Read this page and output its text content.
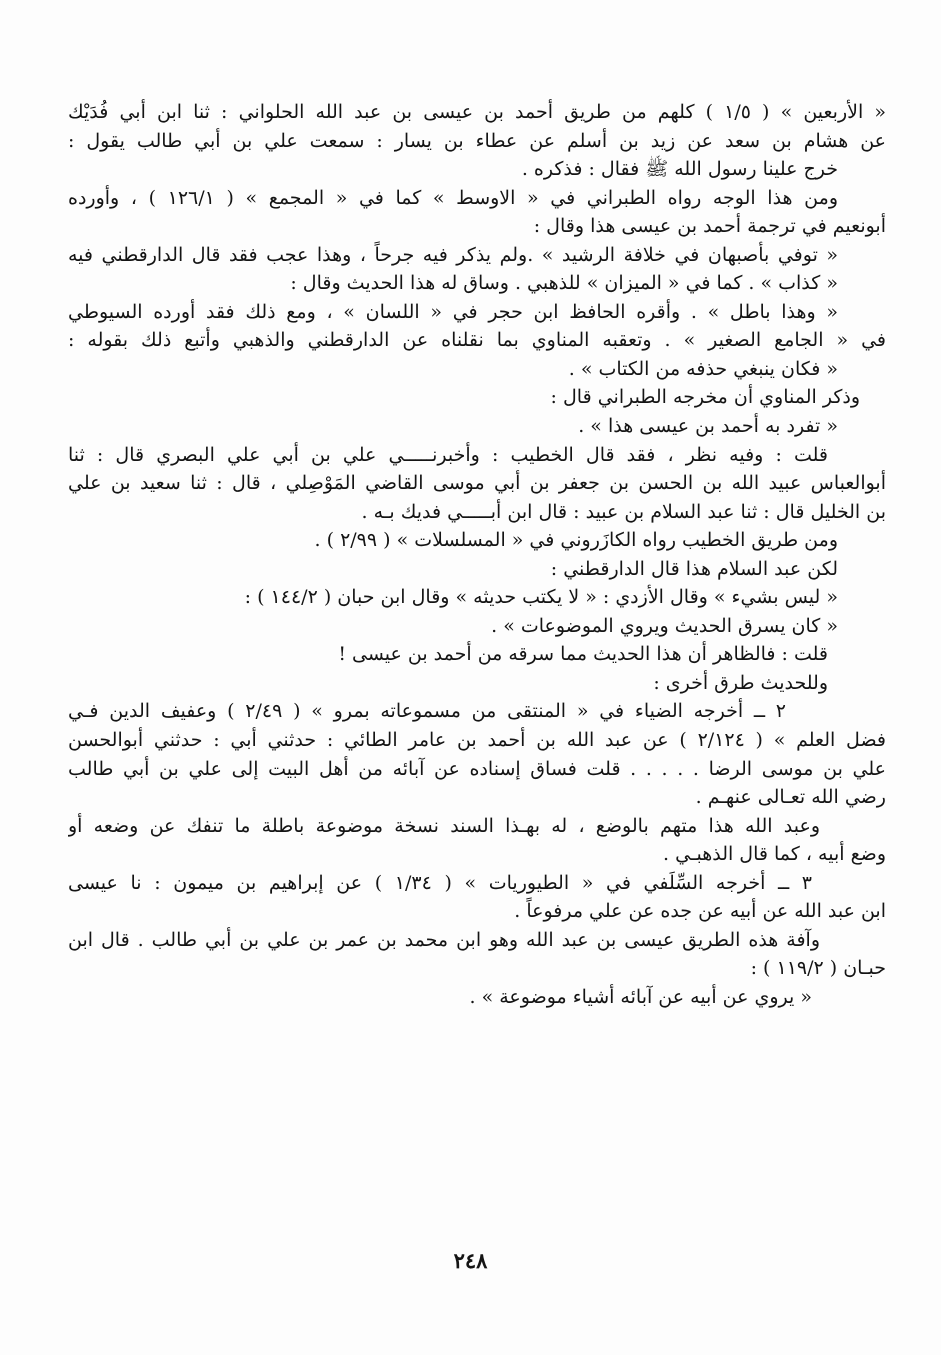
« الأربعين » ( ١/٥ ) كلهم من طريق أحمد بن عيسى بن عبد الله الحلواني : ثنا ابن أبي فُدَيْك
عن هشام بن سعد عن زيد بن أسلم عن عطاء بن يسار : سمعت علي بن أبي طالب يقول :
خرج علينا رسول الله ﷺ فقال : فذكره .
ومن هذا الوجه رواه الطبراني في « الاوسط » كما في « المجمع » ( ١٢٦/١ ) ، وأورده
أبونعيم في ترجمة أحمد بن عيسى هذا وقال :
« توفي بأصبهان في خلافة الرشيد » .ولم يذكر فيه جرحاً ، وهذا عجب فقد قال الدارقطني فيه
« كذاب » . كما في « الميزان » للذهبي . وساق له هذا الحديث وقال :
« وهذا باطل » . وأقره الحافظ ابن حجر في « اللسان » ، ومع ذلك فقد أورده السيوطي
في « الجامع الصغير » . وتعقبه المناوي بما نقلناه عن الدارقطني والذهبي وأتبع ذلك بقوله :
« فكان ينبغي حذفه من الكتاب » .
وذكر المناوي أن مخرجه الطبراني قال :
« تفرد به أحمد بن عيسى هذا » .
قلت : وفيه نظر ، فقد قال الخطيب : وأخبرنـــــي علي بن أبي علي البصري قال : ثنا
أبوالعباس عبيد الله بن الحسن بن جعفر بن أبي موسى القاضي المَوْصِلي ، قال : ثنا سعيد بن علي
بن الخليل قال : ثنا عبد السلام بن عبيد : قال ابن أبـــــي فديك بـه .
ومن طريق الخطيب رواه الكازَروني في « المسلسلات » ( ٢/٩٩ ) .
لكن عبد السلام هذا قال الدارقطني :
« ليس بشيء » وقال الأزدي : « لا يكتب حديثه » وقال ابن حبان ( ١٤٤/٢ ) :
« كان يسرق الحديث ويروي الموضوعات » .
قلت : فالظاهر أن هذا الحديث مما سرقه من أحمد بن عيسى !
وللحديث طرق أخرى :
٢ ــ أخرجه الضياء في « المنتقى من مسموعاته بمرو » ( ٢/٤٩ ) وعفيف الدين فـي
فضل العلم » ( ٢/١٢٤ ) عن عبد الله بن أحمد بن عامر الطائي : حدثني أبي : حدثني أبوالحسن
علي بن موسى الرضا . . . . . قلت فساق إسناده عن آبائه من أهل البيت إلى علي بن أبي طالب
رضي الله تعـالى عنهـم .
وعبد الله هذا متهم بالوضع ، له بهـذا السند نسخة موضوعة باطلة ما تنفك عن وضعه أو
وضع أبيه ، كما قال الذهبـي .
٣ ــ أخرجه السِّلَفي في « الطيوريات » ( ١/٣٤ ) عن إبراهيم بن ميمون : نا عيسى
ابن عبد الله عن أبيه عن جده عن علي مرفوعاً .
وآفة هذه الطريق عيسى بن عبد الله وهو ابن محمد بن عمر بن علي بن أبي طالب . قال ابن
حبـان ( ١١٩/٢ ) :
« يروي عن أبيه عن آبائه أشياء موضوعة » .
٢٤٨
